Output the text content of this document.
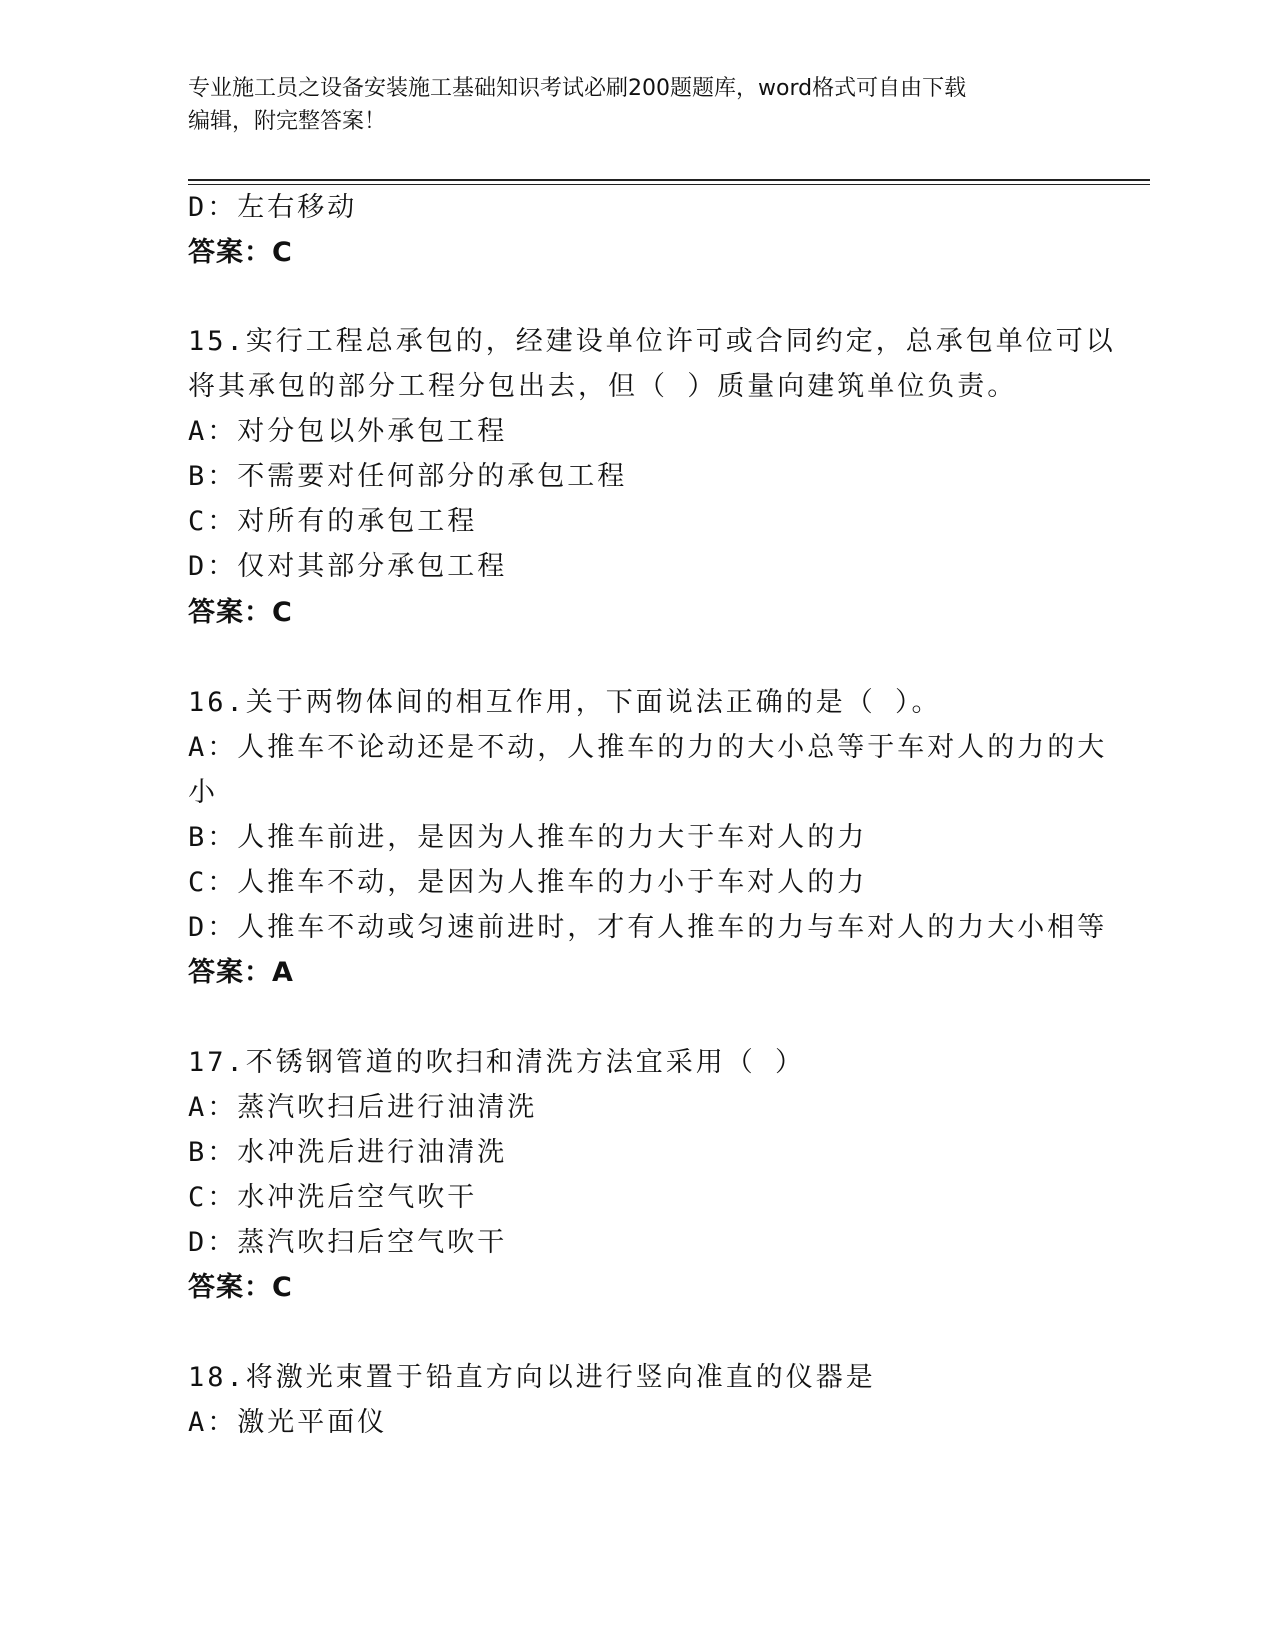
专业施工员之设备安装施工基础知识考试必刷200题题库，word格式可自由下载
编辑，附完整答案！
D：左右移动
答案：C
15.实行工程总承包的，经建设单位许可或合同约定，总承包单位可以
将其承包的部分工程分包出去，但（ ）质量向建筑单位负责。
A：对分包以外承包工程
B：不需要对任何部分的承包工程
C：对所有的承包工程
D：仅对其部分承包工程
答案：C
16.关于两物体间的相互作用，下面说法正确的是（ ）。
A：人推车不论动还是不动，人推车的力的大小总等于车对人的力的大
小
B：人推车前进，是因为人推车的力大于车对人的力
C：人推车不动，是因为人推车的力小于车对人的力
D：人推车不动或匀速前进时，才有人推车的力与车对人的力大小相等
答案：A
17.不锈钢管道的吹扫和清洗方法宜采用（ ）
A：蒸汽吹扫后进行油清洗
B：水冲洗后进行油清洗
C：水冲洗后空气吹干
D：蒸汽吹扫后空气吹干
答案：C
18.将激光束置于铅直方向以进行竖向准直的仪器是
A：激光平面仪
